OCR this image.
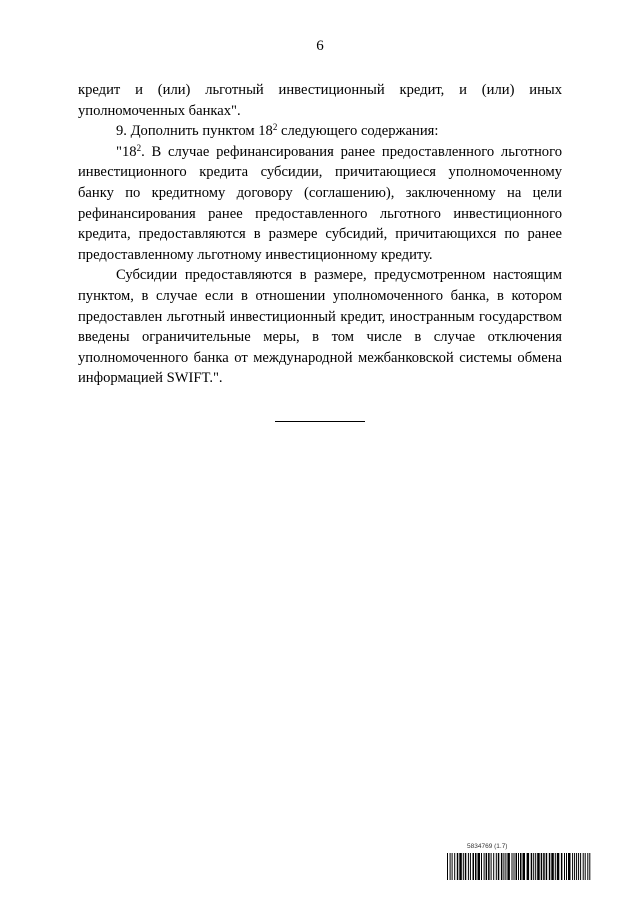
6

кредит и (или) льготный инвестиционный кредит, и (или) иных

уполномоченных банках".

9. Дополнить пунктом $18^2$ следующего содержания:

"$18^2$. В случае рефинансирования ранее предоставленного льготного инвестиционного кредита субсидии, причитающиеся уполномоченному банку по кредитному договору (соглашению), заключенному на цели рефинансирования ранее предоставленного льготного инвестиционного кредита, предоставляются в размере субсидий, причитающихся по ранее предоставленному льготному инвестиционному кредиту.

Субсидии предоставляются в размере, предусмотренном настоящим пунктом, в случае если в отношении уполномоченного банка, в котором предоставлен льготный инвестиционный кредит, иностранным государством введены ограничительные меры, в том числе в случае отключения уполномоченного банка от международной межбанковской системы обмена информацией SWIFT.".

5834769 (1.7)
